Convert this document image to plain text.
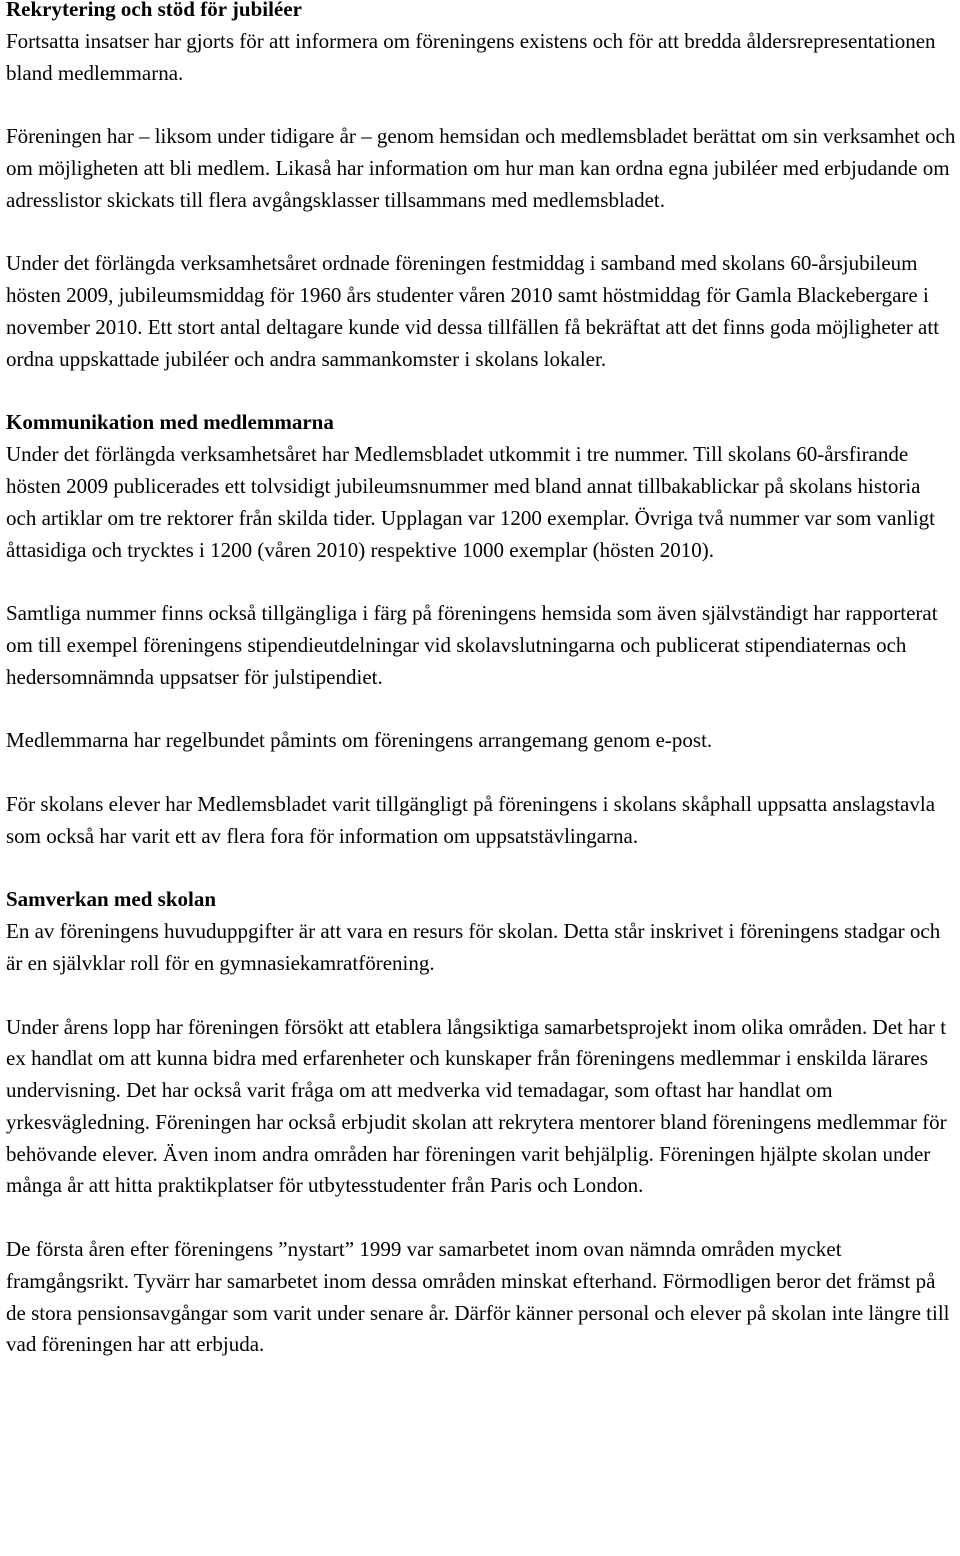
Rekrytering och stöd för jubiléer

Fortsatta insatser har gjorts för att informera om föreningens existens och för att bredda åldersrepresentationen bland medlemmarna.

Föreningen har – liksom under tidigare år – genom hemsidan och medlemsbladet berättat om sin verksamhet och om möjligheten att bli medlem. Likaså har information om hur man kan ordna egna jubiléer med erbjudande om adresslistor skickats till flera avgångsklasser tillsammans med medlemsbladet.

Under det förlängda verksamhetsåret ordnade föreningen festmiddag i samband med skolans 60-årsjubileum hösten 2009, jubileumsmiddag för 1960 års studenter våren 2010 samt höstmiddag för Gamla Blackebergare i november 2010. Ett stort antal deltagare kunde vid dessa tillfällen få bekräftat att det finns goda möjligheter att ordna uppskattade jubiléer och andra sammankomster i skolans lokaler.

Kommunikation med medlemmarna

Under det förlängda verksamhetsåret har Medlemsbladet utkommit i tre nummer. Till skolans 60-årsfirande hösten 2009 publicerades ett tolvsidigt jubileumsnummer med bland annat tillbakablickar på skolans historia och artiklar om tre rektorer från skilda tider. Upplagan var 1200 exemplar. Övriga två nummer var som vanligt åttasidiga och trycktes i 1200 (våren 2010) respektive 1000 exemplar (hösten 2010).

Samtliga nummer finns också tillgängliga i färg på föreningens hemsida som även självständigt har rapporterat om till exempel föreningens stipendieutdelningar vid skolavslutningarna och publicerat stipendiaternas och hedersomnämnda uppsatser för julstipendiet.

Medlemmarna har regelbundet påmints om föreningens arrangemang genom e-post.

För skolans elever har Medlemsbladet varit tillgängligt på föreningens i skolans skåphall uppsatta anslagstavla som också har varit ett av flera fora för information om uppsatstävlingarna.

Samverkan med skolan

En av föreningens huvuduppgifter är att vara en resurs för skolan. Detta står inskrivet i föreningens stadgar och är en självklar roll för en gymnasiekamratförening.

Under årens lopp har föreningen försökt att etablera långsiktiga samarbetsprojekt inom olika områden. Det har t ex handlat om att kunna bidra med erfarenheter och kunskaper från föreningens medlemmar i enskilda lärares undervisning. Det har också varit fråga om att medverka vid temadagar, som oftast har handlat om yrkesvägledning. Föreningen har också erbjudit skolan att rekrytera mentorer bland föreningens medlemmar för behövande elever. Även inom andra områden har föreningen varit behjälplig. Föreningen hjälpte skolan under många år att hitta praktikplatser för utbytesstudenter från Paris och London.

De första åren efter föreningens ”nystart” 1999 var samarbetet inom ovan nämnda områden mycket framgångsrikt. Tyvärr har samarbetet inom dessa områden minskat efterhand. Förmodligen beror det främst på de stora pensionsavgångar som varit under senare år. Därför känner personal och elever på skolan inte längre till vad föreningen har att erbjuda.
